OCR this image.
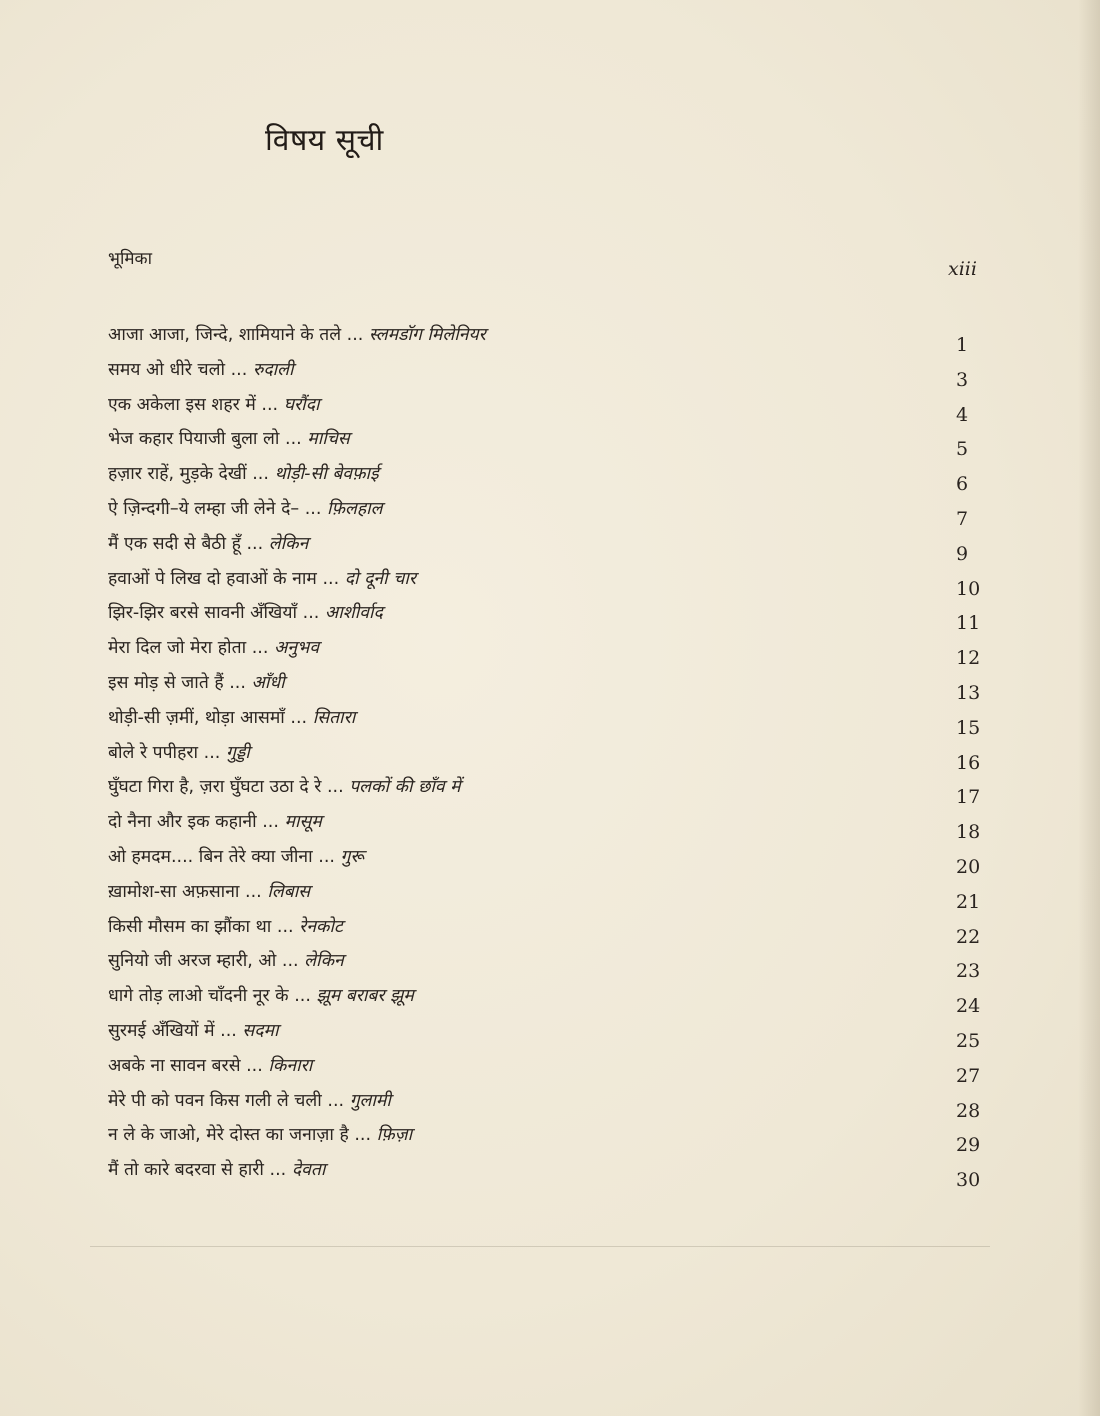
विषय सूची

भूमिका	xiii

आजा आजा, जिन्दे, शामियाने के तले ... स्लमडॉग मिलेनियर	1
समय ओ धीरे चलो ... रुदाली	3
एक अकेला इस शहर में ... घरौंदा	4
भेज कहार पियाजी बुला लो ... माचिस	5
हज़ार राहें, मुड़के देखीं ... थोड़ी-सी बेवफ़ाई	6
ऐ ज़िन्दगी–ये लम्हा जी लेने दे– ... फ़िलहाल	7
मैं एक सदी से बैठी हूँ ... लेकिन	9
हवाओं पे लिख दो हवाओं के नाम ... दो दूनी चार	10
झिर-झिर बरसे सावनी अँखियाँ ... आशीर्वाद	11
मेरा दिल जो मेरा होता ... अनुभव	12
इस मोड़ से जाते हैं ... आँधी	13
थोड़ी-सी ज़मीं, थोड़ा आसमाँ ... सितारा	15
बोले रे पपीहरा ... गुड्डी	16
घुँघटा गिरा है, ज़रा घुँघटा उठा दे रे ... पलकों की छाँव में	17
दो नैना और इक कहानी ... मासूम	18
ओ हमदम.... बिन तेरे क्या जीना ... गुरू	20
ख़ामोश-सा अफ़साना ... लिबास	21
किसी मौसम का झौंका था ... रेनकोट	22
सुनियो जी अरज म्हारी, ओ ... लेकिन	23
धागे तोड़ लाओ चाँदनी नूर के ... झूम बराबर झूम	24
सुरमई अँखियों में ... सदमा	25
अबके ना सावन बरसे ... किनारा	27
मेरे पी को पवन किस गली ले चली ... गुलामी	28
न ले के जाओ, मेरे दोस्त का जनाज़ा है ... फ़िज़ा	29
मैं तो कारे बदरवा से हारी ... देवता	30
